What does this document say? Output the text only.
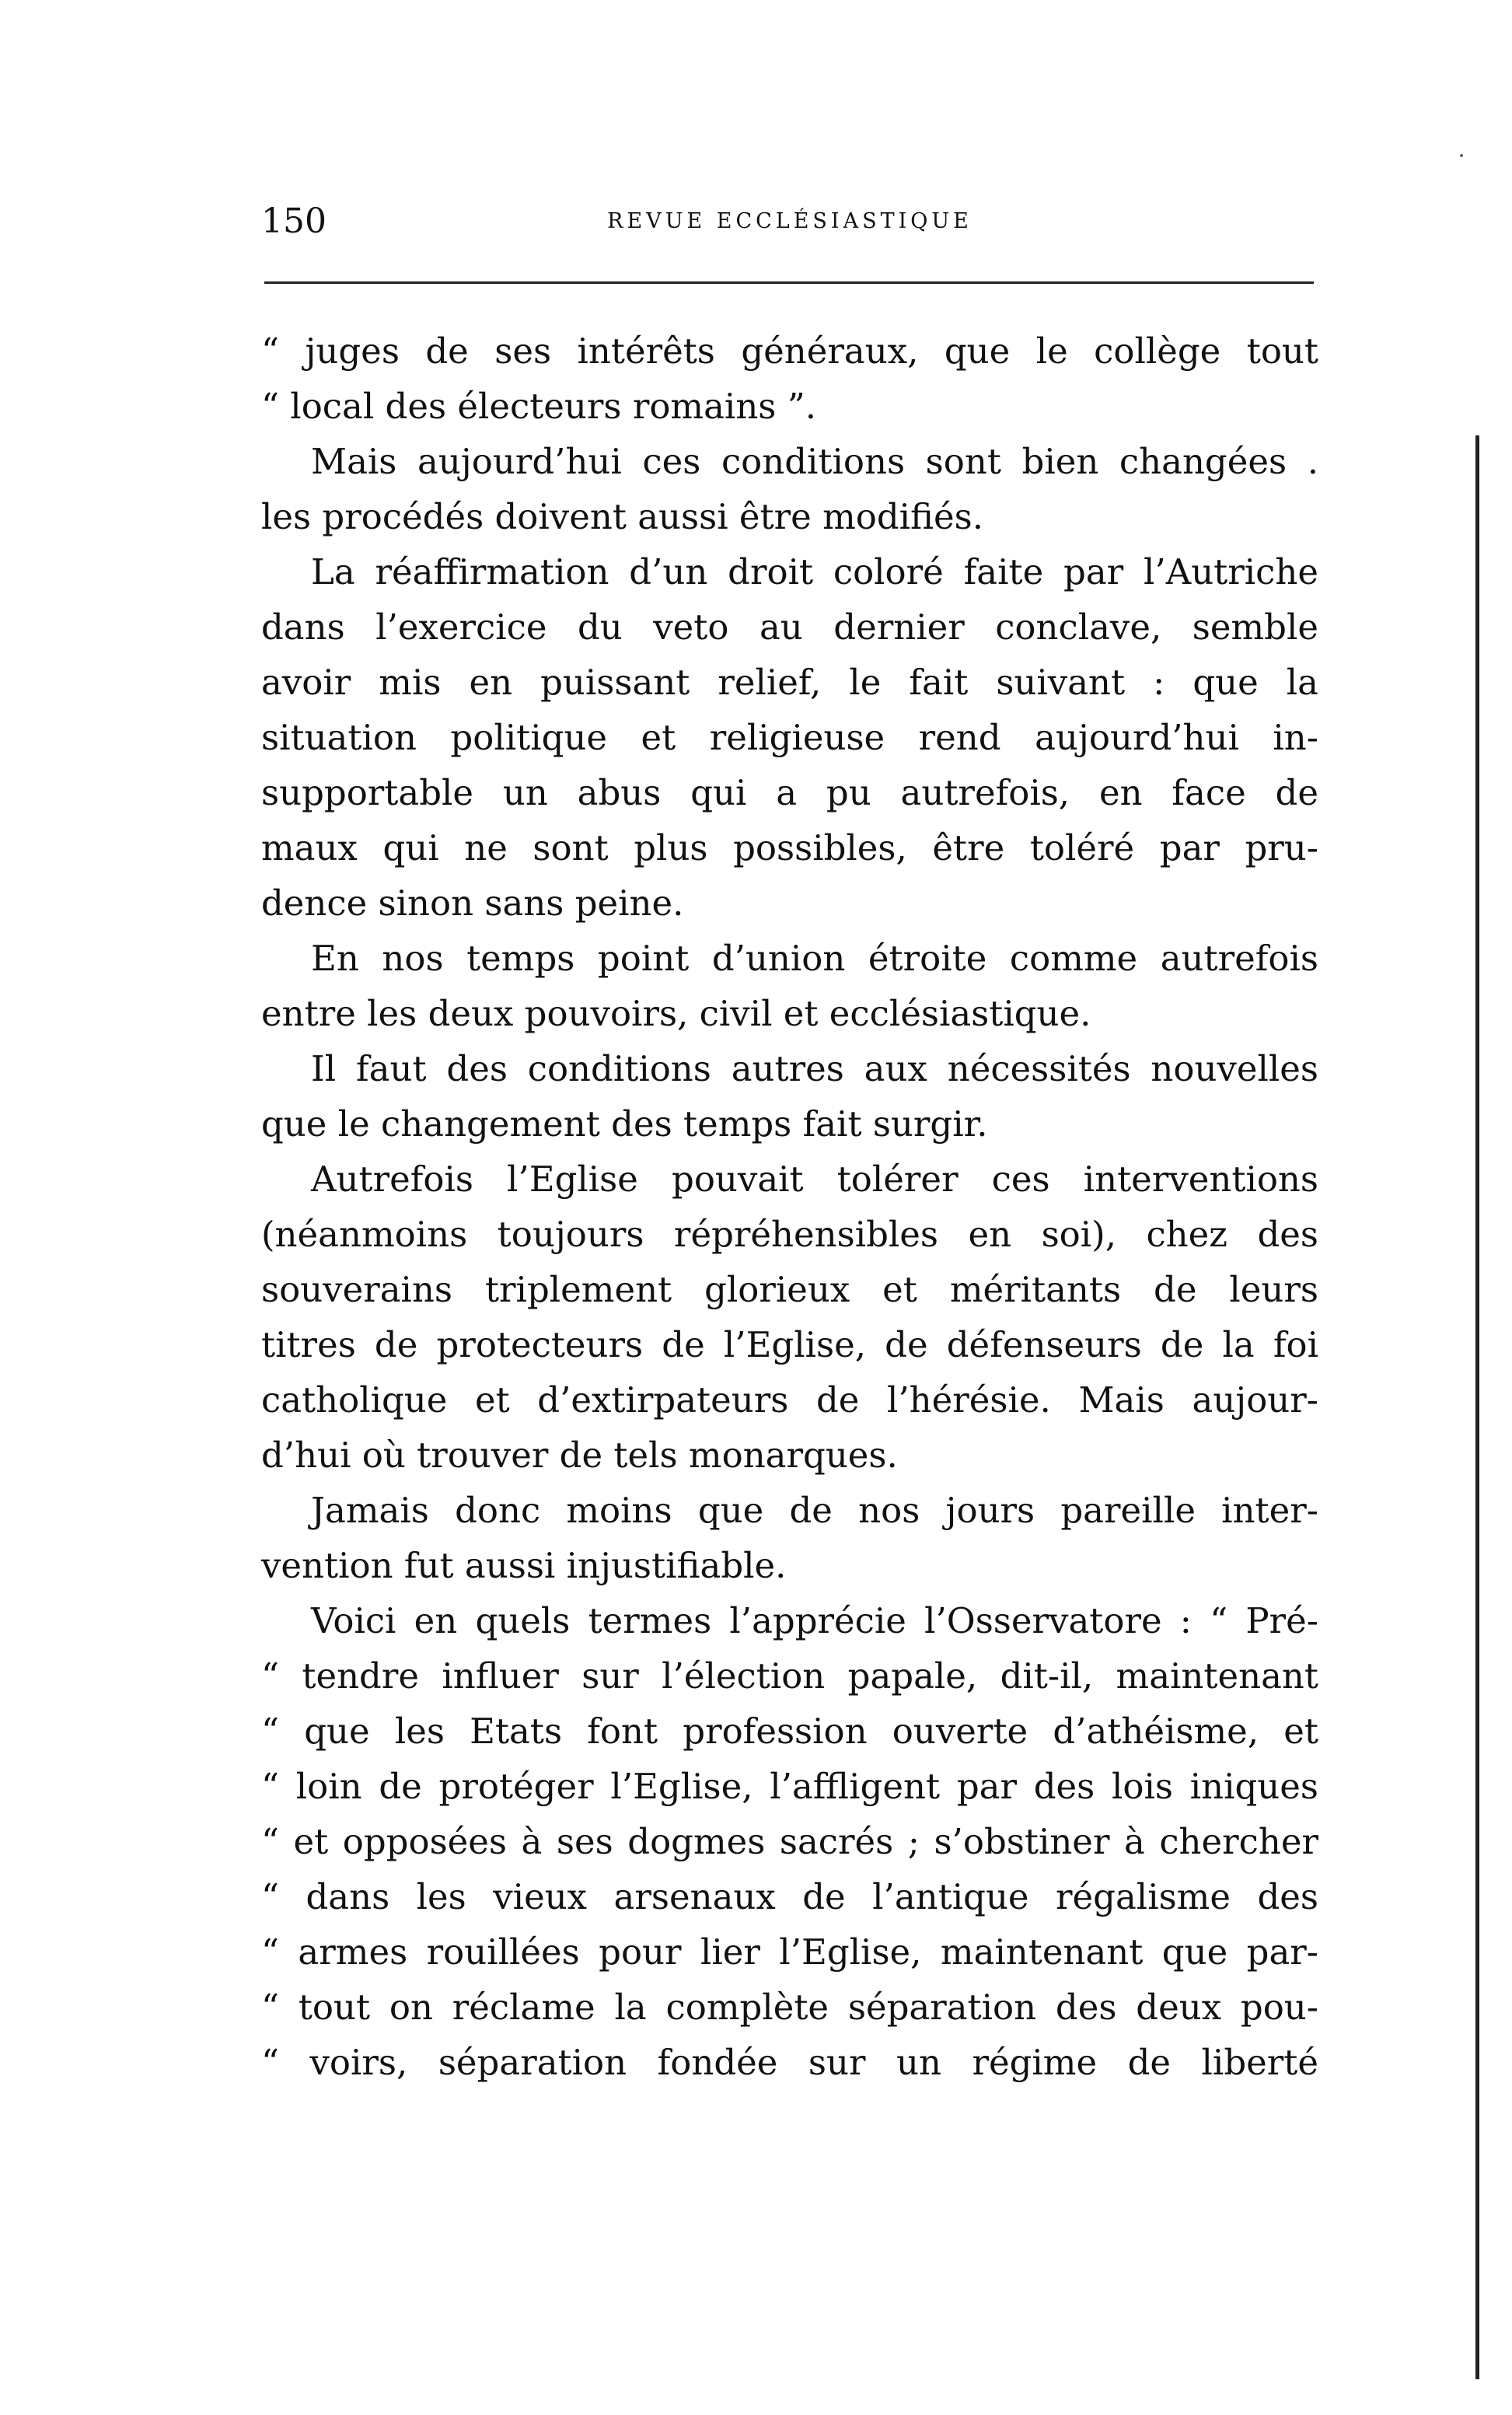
150	REVUE ECCLÉSIASTIQUE

“ juges de ses intérêts généraux, que le collège tout
“ local des électeurs romains ”.

Mais aujourd’hui ces conditions sont bien changées .
les procédés doivent aussi être modifiés.

La réaffirmation d’un droit coloré faite par l’Autriche
dans l’exercice du veto au dernier conclave, semble
avoir mis en puissant relief, le fait suivant : que la
situation politique et religieuse rend aujourd’hui in-
supportable un abus qui a pu autrefois, en face de
maux qui ne sont plus possibles, être toléré par pru-
dence sinon sans peine.

En nos temps point d’union étroite comme autrefois
entre les deux pouvoirs, civil et ecclésiastique.

Il faut des conditions autres aux nécessités nouvelles
que le changement des temps fait surgir.

Autrefois l’Eglise pouvait tolérer ces interventions
(néanmoins toujours répréhensibles en soi), chez des
souverains triplement glorieux et méritants de leurs
titres de protecteurs de l’Eglise, de défenseurs de la foi
catholique et d’extirpateurs de l’hérésie. Mais aujour-
d’hui où trouver de tels monarques.

Jamais donc moins que de nos jours pareille inter-
vention fut aussi injustifiable.

Voici en quels termes l’apprécie l’Osservatore : “ Pré-
“ tendre influer sur l’élection papale, dit-il, maintenant
“ que les Etats font profession ouverte d’athéisme, et
“ loin de protéger l’Eglise, l’affligent par des lois iniques
“ et opposées à ses dogmes sacrés ; s’obstiner à chercher
“ dans les vieux arsenaux de l’antique régalisme des
“ armes rouillées pour lier l’Eglise, maintenant que par-
“ tout on réclame la complète séparation des deux pou-
“ voirs, séparation fondée sur un régime de liberté
